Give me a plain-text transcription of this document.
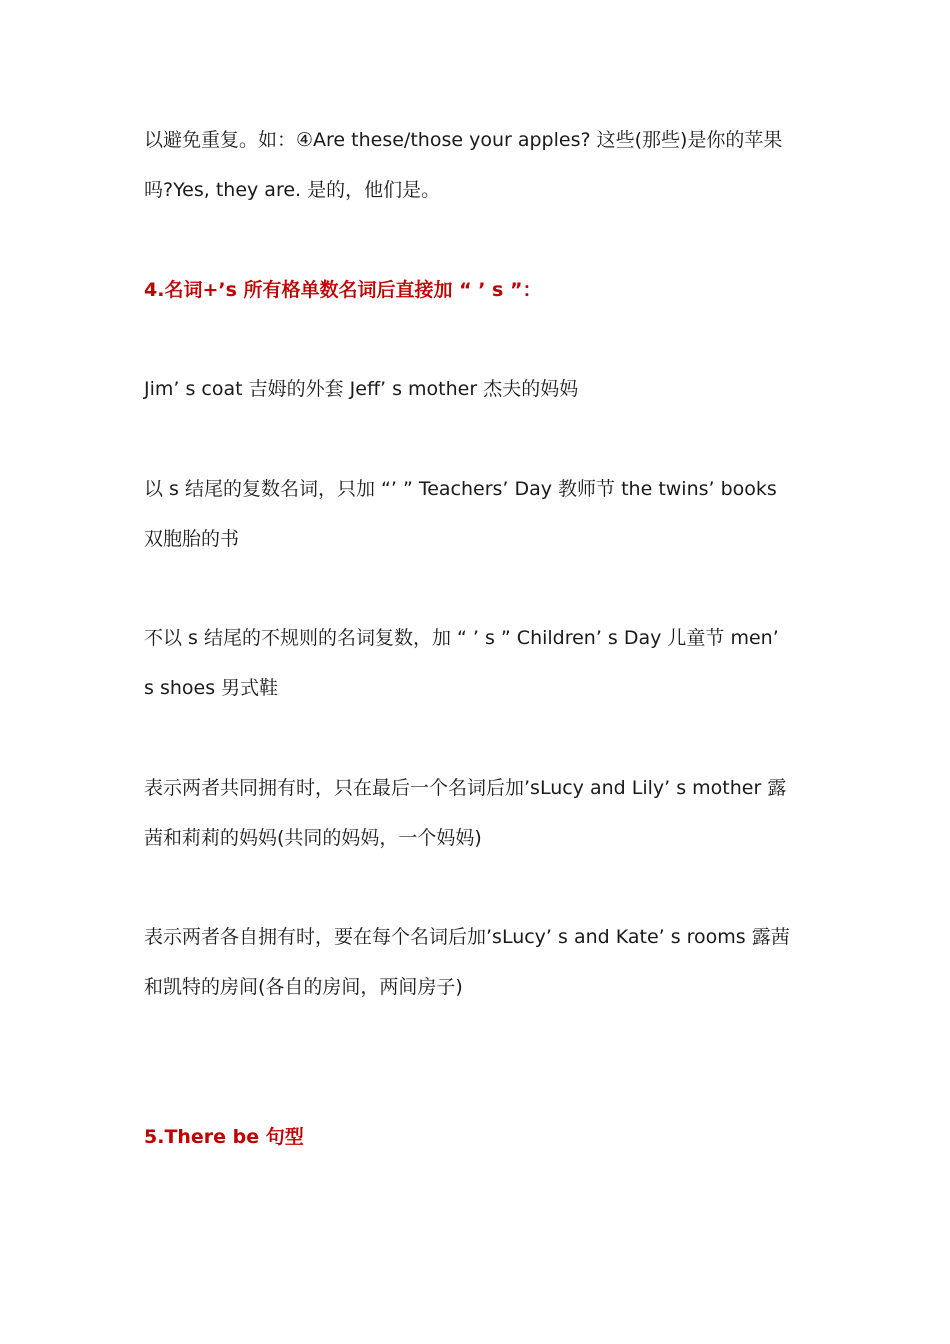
以避免重复。如：④Are these/those your apples? 这些(那些)是你的苹果
吗?Yes, they are. 是的，他们是。
4.名词+’s 所有格单数名词后直接加 “ ’ s ”：
Jim’ s coat 吉姆的外套 Jeff’ s mother 杰夫的妈妈
以 s 结尾的复数名词，只加 “’ ” Teachers’ Day 教师节 the twins’ books
双胞胎的书
不以 s 结尾的不规则的名词复数，加 “ ’ s ” Children’ s Day 儿童节 men’
s shoes 男式鞋
表示两者共同拥有时，只在最后一个名词后加’sLucy and Lily’ s mother 露
茜和莉莉的妈妈(共同的妈妈，一个妈妈)
表示两者各自拥有时，要在每个名词后加’sLucy’ s and Kate’ s rooms 露茜
和凯特的房间(各自的房间，两间房子)
5.There be 句型
